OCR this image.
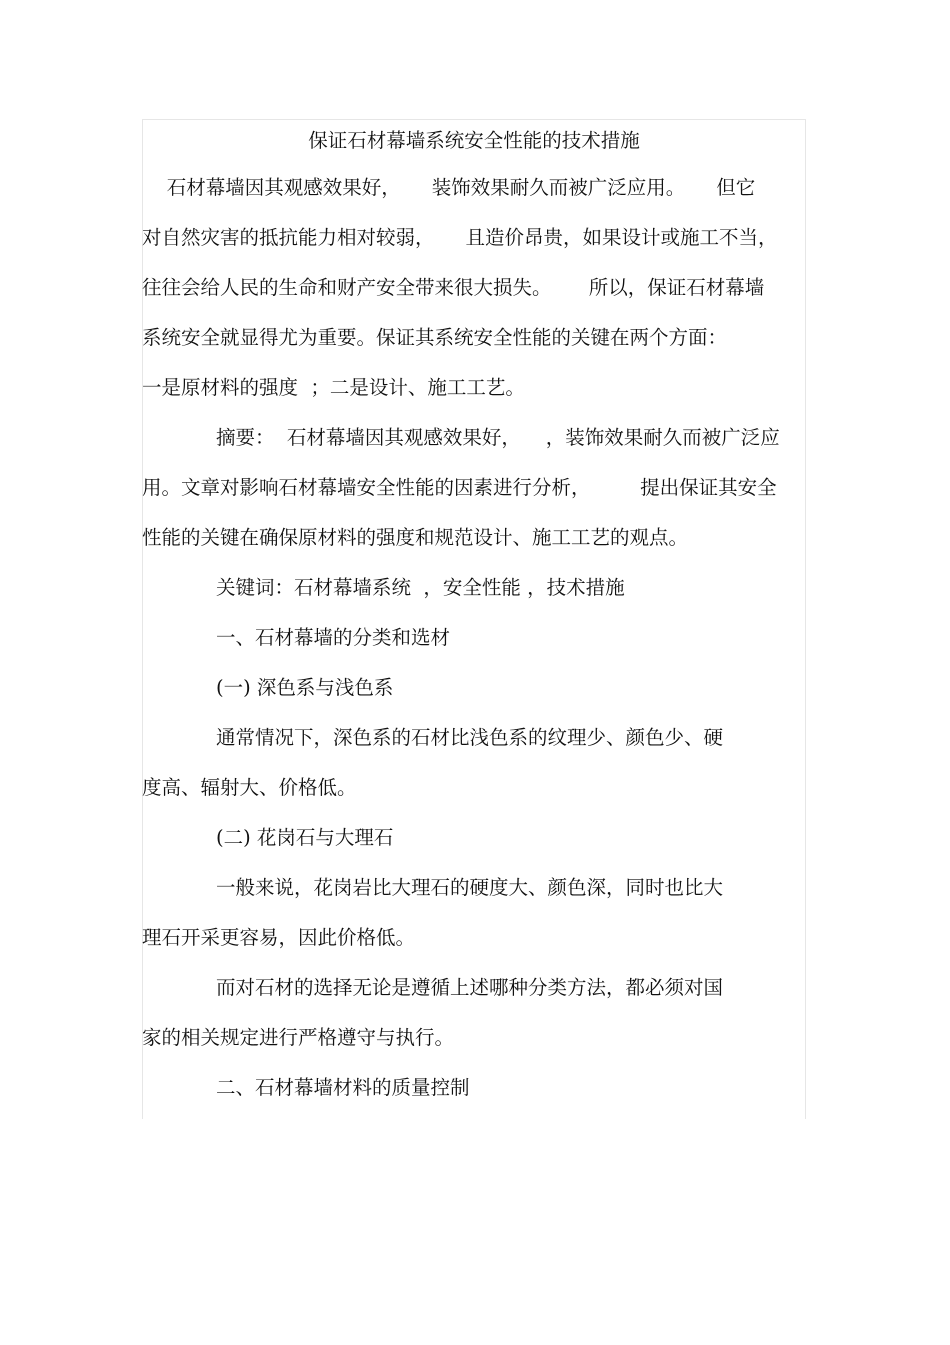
保证石材幕墙系统安全性能的技术措施
石材幕墙因其观感效果好，     装饰效果耐久而被广泛应用。     但它
对自然灾害的抵抗能力相对较弱，     且造价昂贵，如果设计或施工不当，
往往会给人民的生命和财产安全带来很大损失。      所以，保证石材幕墙
系统安全就显得尤为重要。保证其系统安全性能的关键在两个方面：
一是原材料的强度  ；二是设计、施工工艺。
摘要：  石材幕墙因其观感效果好，    ，装饰效果耐久而被广泛应
用。文章对影响石材幕墙安全性能的因素进行分析，        提出保证其安全
性能的关键在确保原材料的强度和规范设计、施工工艺的观点。
关键词：石材幕墙系统  ，安全性能 ，技术措施
一、石材幕墙的分类和选材
(一) 深色系与浅色系
通常情况下，深色系的石材比浅色系的纹理少、颜色少、硬
度高、辐射大、价格低。
(二) 花岗石与大理石
一般来说，花岗岩比大理石的硬度大、颜色深，同时也比大
理石开采更容易，因此价格低。
而对石材的选择无论是遵循上述哪种分类方法，都必须对国
家的相关规定进行严格遵守与执行。
二、石材幕墙材料的质量控制
